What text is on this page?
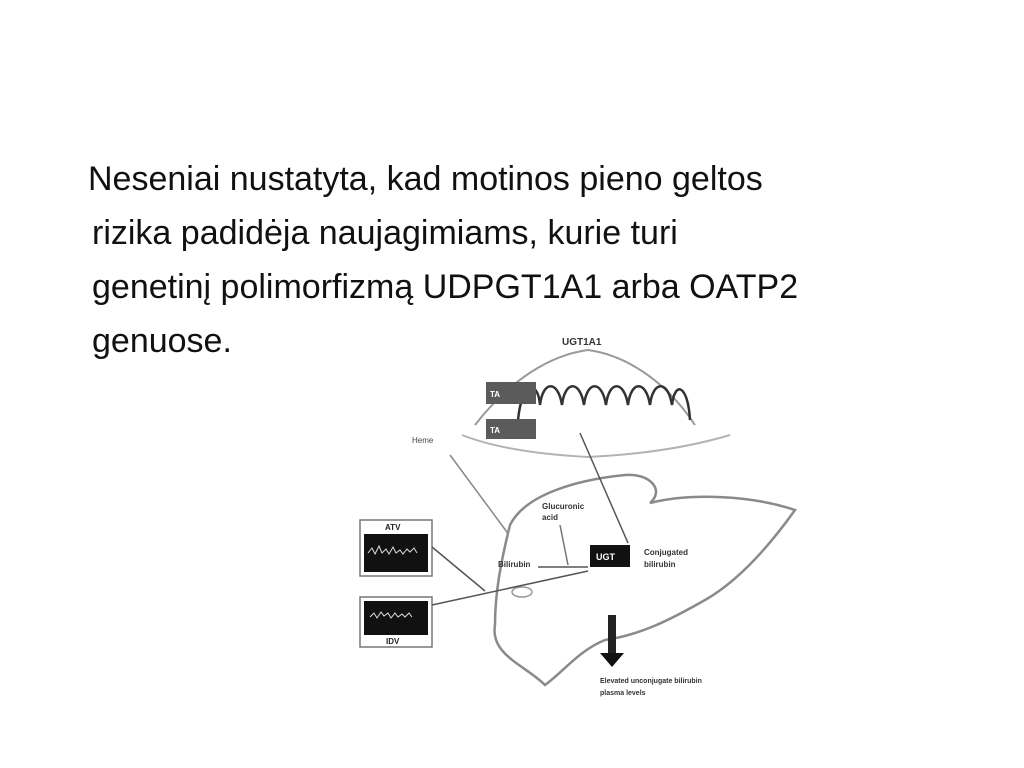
Neseniai nustatyta, kad motinos pieno geltos
rizika padidėja naujagimiams, kurie turi
genetinį polimorfizmą UDPGT1A1 arba OATP2
genuose.	UGT1A1
TA
TA
Heme
Glucuronic
acid
Bilirubin
UGT	Conjugated
bilirubin
ATV
IDV
Elevated unconjugate bilirubin
plasma levels
